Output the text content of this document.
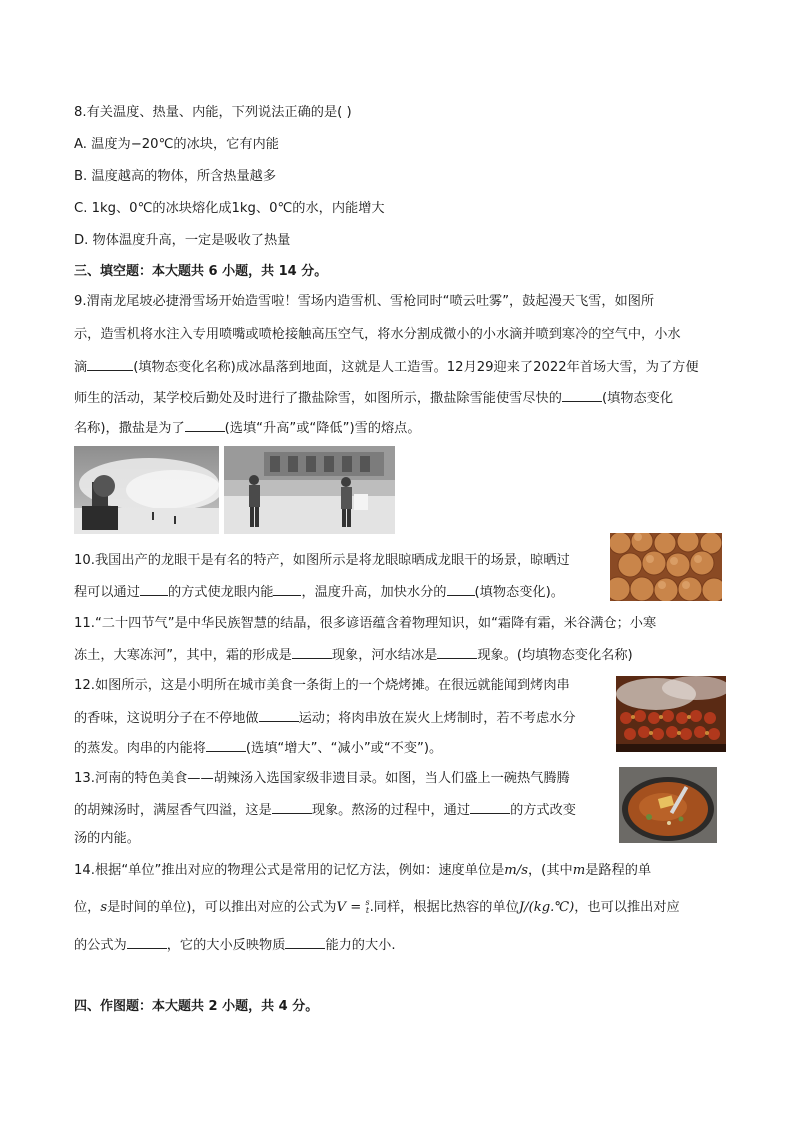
8.有关温度、热量、内能，下列说法正确的是( )
A. 温度为−20℃的冰块，它有内能
B. 温度越高的物体，所含热量越多
C. 1kg、0℃的冰块熔化成1kg、0℃的水，内能增大
D. 物体温度升高，一定是吸收了热量
三、填空题：本大题共 6 小题，共 14 分。
9.渭南龙尾坡必捷滑雪场开始造雪啦！雪场内造雪机、雪枪同时“喷云吐雾”，鼓起漫天飞雪，如图所
示，造雪机将水注入专用喷嘴或喷枪接触高压空气，将水分割成微小的小水滴并喷到寒冷的空气中，小水
滴	(填物态变化名称)成冰晶落到地面，这就是人工造雪。12月29迎来了2022年首场大雪，为了方便
师生的活动，某学校后勤处及时进行了撒盐除雪，如图所示，撒盐除雪能使雪尽快的	(填物态变化
名称)，撒盐是为了	(选填“升高”或“降低”)雪的熔点。
10.我国出产的龙眼干是有名的特产，如图所示是将龙眼晾晒成龙眼干的场景，晾晒过
程可以通过 的方式使龙眼内能 ，温度升高，加快水分的 (填物态变化)。
11.“二十四节气”是中华民族智慧的结晶，很多谚语蕴含着物理知识，如“霜降有霜，米谷满仓；小寒
冻土，大寒冻河”，其中，霜的形成是	现象，河水结冰是	现象。(均填物态变化名称)
12.如图所示，这是小明所在城市美食一条街上的一个烧烤摊。在很远就能闻到烤肉串
的香味，这说明分子在不停地做	运动；将肉串放在炭火上烤制时，若不考虑水分
的蒸发。肉串的内能将	(选填“增大”、“减小”或“不变”)。
13.河南的特色美食——胡辣汤入选国家级非遗目录。如图，当人们盛上一碗热气腾腾
的胡辣汤时，满屋香气四溢，这是	现象。熬汤的过程中，通过	的方式改变
汤的内能。
14.根据“单位”推出对应的物理公式是常用的记忆方法，例如：速度单位是m/s，(其中m是路程的单
位，s是时间的单位)，可以推出对应的公式为V = s
t .同样，根据比热容的单位J/(kg.℃)，也可以推出对应
的公式为	，它的大小反映物质	能力的大小.
四、作图题：本大题共 2 小题，共 4 分。
